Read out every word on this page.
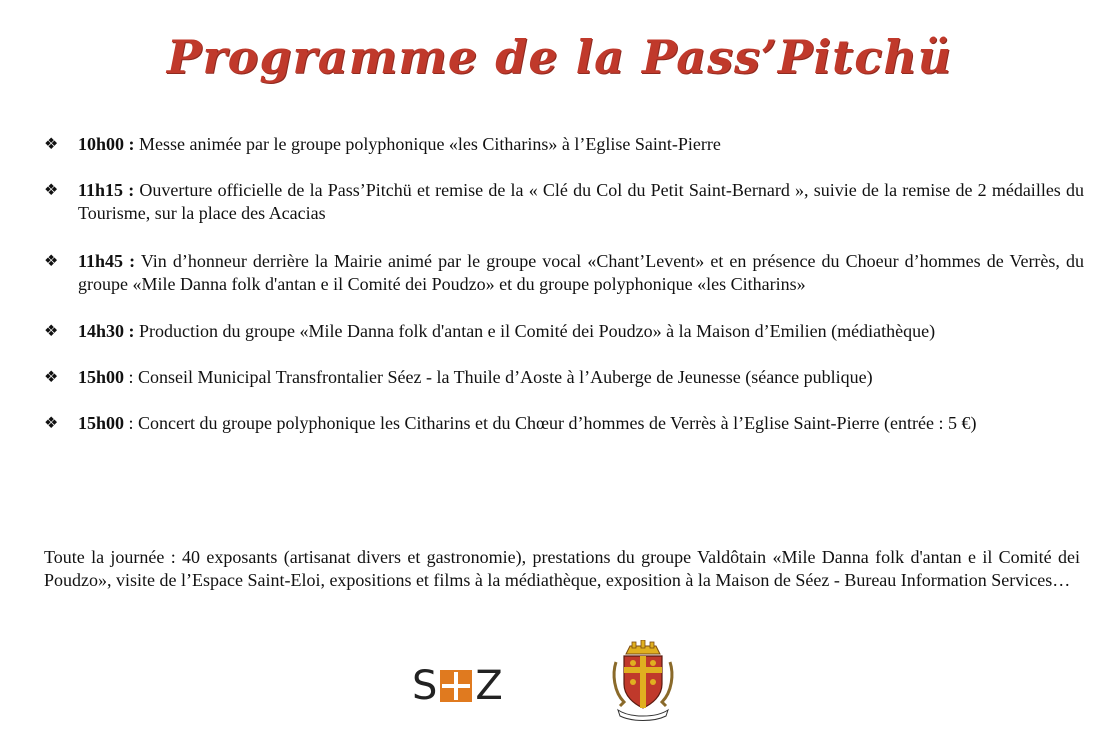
Programme de la Pass’Pitchü
❖ 10h00 : Messe animée par le groupe polyphonique «les Citharins» à l’Eglise Saint-Pierre
❖ 11h15 : Ouverture officielle de la Pass’Pitchü et remise de la « Clé du Col du Petit Saint-Bernard », suivie de la remise de 2 médailles du Tourisme, sur la place des Acacias
❖ 11h45 : Vin d’honneur derrière la Mairie animé par le groupe vocal «Chant’Levent» et en présence du Choeur d’hommes de Verrès, du groupe «Mile Danna folk d'antan e il Comité dei Poudzo» et du groupe polyphonique «les Citharins»
❖ 14h30 : Production du groupe «Mile Danna folk d'antan e il Comité dei Poudzo» à la Maison d’Emilien (médiathèque)
❖ 15h00 : Conseil Municipal Transfrontalier Séez - la Thuile d’Aoste à l’Auberge de Jeunesse (séance publique)
❖ 15h00 : Concert du groupe polyphonique les Citharins et du Chœur d’hommes de Verrès à l’Eglise Saint-Pierre (entrée : 5 €)
Toute la journée : 40 exposants (artisanat divers et gastronomie), prestations du groupe Valdôtain «Mile Danna folk d'antan e il Comité dei Poudzo», visite de l’Espace Saint-Eloi, expositions et films à la médiathèque, exposition à la Maison de Séez - Bureau Information Services…
S Z
